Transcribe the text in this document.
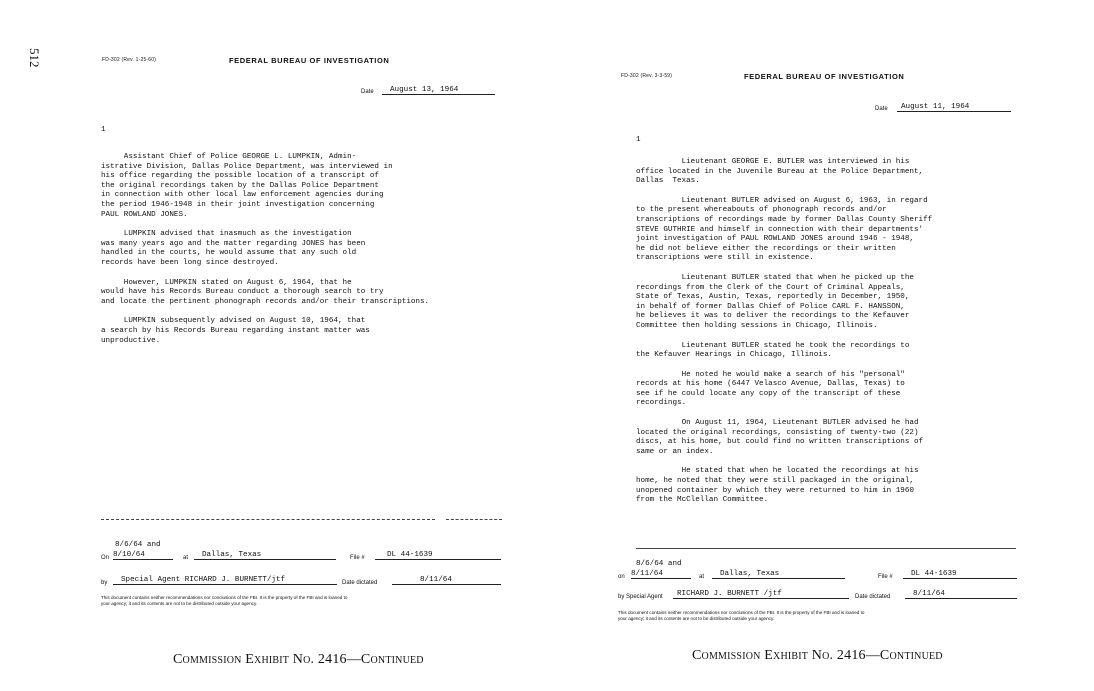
512	FD-302 (Rev. 1-25-60)	FEDERAL BUREAU OF INVESTIGATION
Date	August 13, 1964
1

Assistant Chief of Police GEORGE L. LUMPKIN, Admin-
istrative Division, Dallas Police Department, was interviewed in
his office regarding the possible location of a transcript of
the original recordings taken by the Dallas Police Department
in connection with other local law enforcement agencies during
the period 1946-1948 in their joint investigation concerning
PAUL ROWLAND JONES.

LUMPKIN advised that inasmuch as the investigation
was many years ago and the matter regarding JONES has been
handled in the courts, he would assume that any such old
records have been long since destroyed.

However, LUMPKIN stated on August 6, 1964, that he
would have his Records Bureau conduct a thorough search to try
and locate the pertinent phonograph records and/or their transcriptions.

LUMPKIN subsequently advised on August 10, 1964, that
a search by his Records Bureau regarding instant matter was
unproductive.

8/6/64 and
On 8/10/64	at	Dallas, Texas	File #	DL 44-1639
by	Special Agent RICHARD J. BURNETT/jtf	Date dictated	8/11/64
This document contains neither recommendations nor conclusions of the FBI. It is the property of the FBI and is loaned to
your agency; it and its contents are not to be distributed outside your agency.
Commission Exhibit No. 2416—Continued
FD-302 (Rev. 3-3-59)	FEDERAL BUREAU OF INVESTIGATION
Date	August 11, 1964
1

Lieutenant GEORGE E. BUTLER was interviewed in his
office located in the Juvenile Bureau at the Police Department,
Dallas  Texas.

Lieutenant BUTLER advised on August 6, 1963, in regard
to the present whereabouts of phonograph records and/or
transcriptions of recordings made by former Dallas County Sheriff
STEVE GUTHRIE and himself in connection with their departments'
joint investigation of PAUL ROWLAND JONES around 1946 - 1948,
he did not believe either the recordings or their written
transcriptions were still in existence.

Lieutenant BUTLER stated that when he picked up the
recordings from the Clerk of the Court of Criminal Appeals,
State of Texas, Austin, Texas, reportedly in December, 1950,
in behalf of former Dallas Chief of Police CARL F. HANSSON,
he believes it was to deliver the recordings to the Kefauver
Committee then holding sessions in Chicago, Illinois.

Lieutenant BUTLER stated he took the recordings to
the Kefauver Hearings in Chicago, Illinois.

He noted he would make a search of his "personal"
records at his home (6447 Velasco Avenue, Dallas, Texas) to
see if he could locate any copy of the transcript of these
recordings.

On August 11, 1964, Lieutenant BUTLER advised he had
located the original recordings, consisting of twenty-two (22)
discs, at his home, but could find no written transcriptions of
same or an index.

He stated that when he located the recordings at his
home, he noted that they were still packaged in the original,
unopened container by which they were returned to him in 1960
from the McClellan Committee.

8/6/64 and
on 8/11/64	at	Dallas, Texas	File #	DL 44-1639
by Special Agent	RICHARD J. BURNETT /jtf	Date dictated	8/11/64
This document contains neither recommendations nor conclusions of the FBI. It is the property of the FBI and is loaned to
your agency; it and its contents are not to be distributed outside your agency.
Commission Exhibit No. 2416—Continued
